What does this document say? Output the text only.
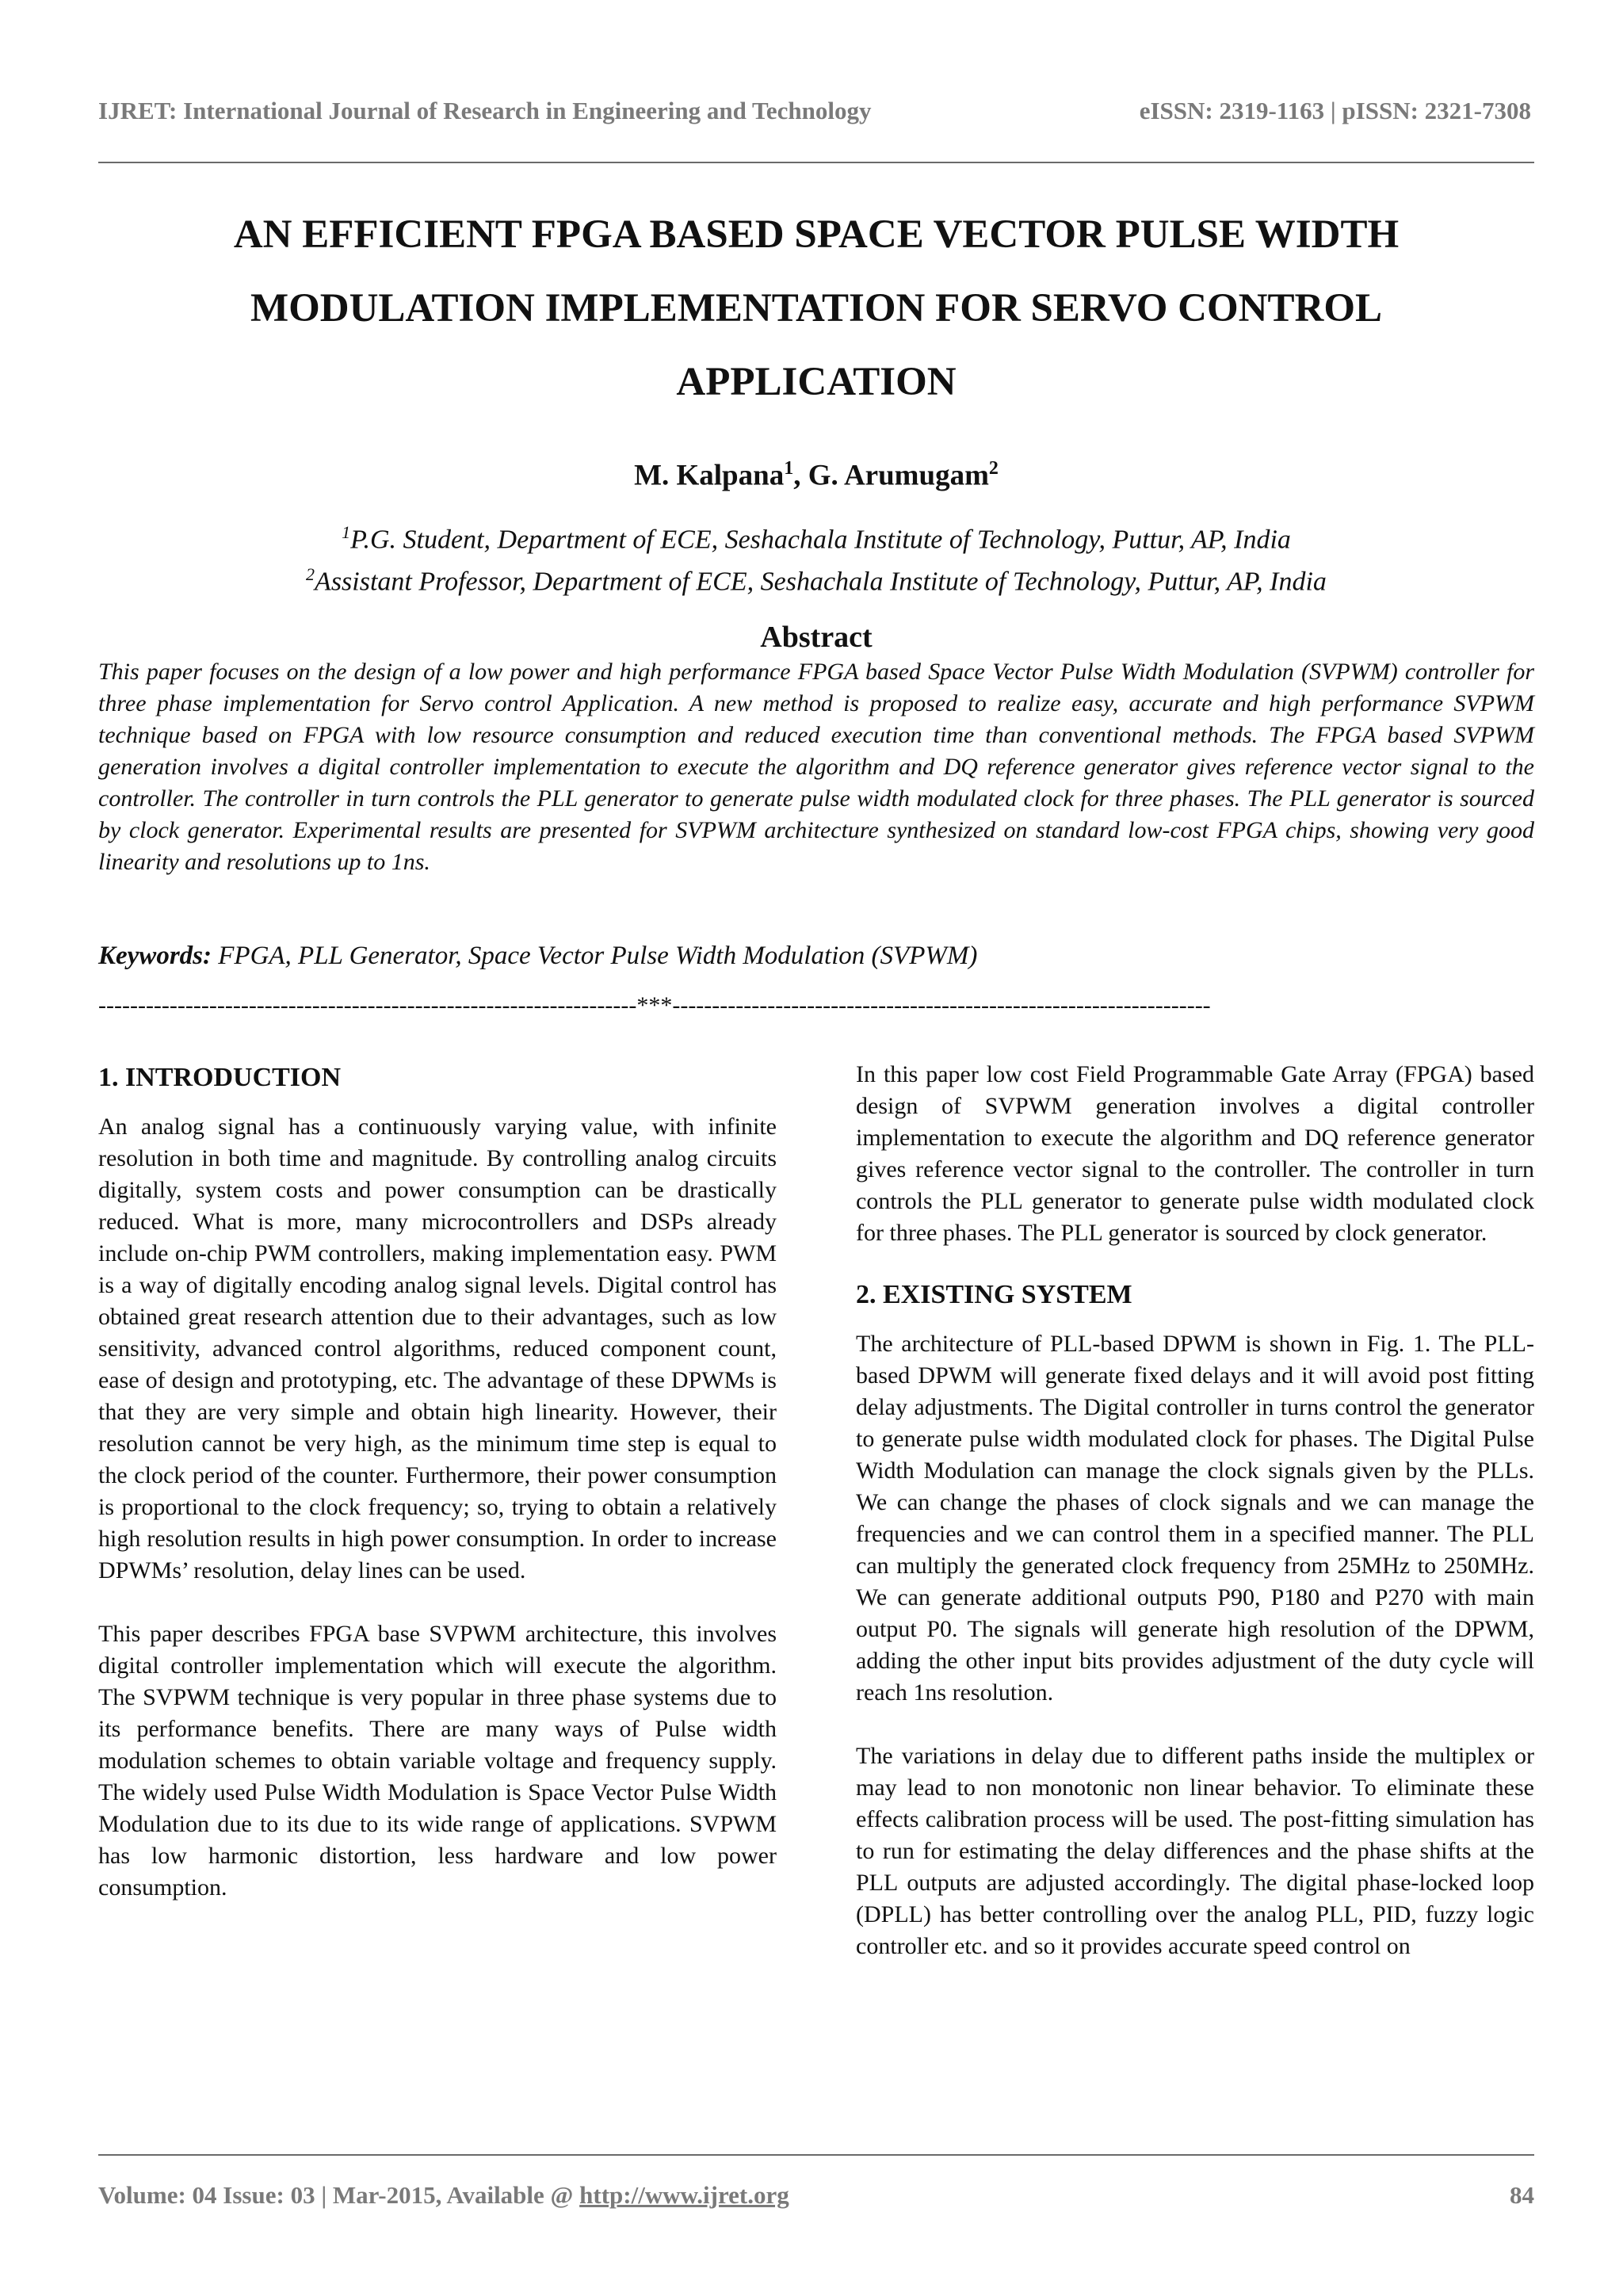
IJRET: International Journal of Research in Engineering and Technology	eISSN: 2319-1163 | pISSN: 2321-7308
AN EFFICIENT FPGA BASED SPACE VECTOR PULSE WIDTH
MODULATION IMPLEMENTATION FOR SERVO CONTROL
APPLICATION
M. Kalpana$^1$, G. Arumugam$^2$
$^1$P.G. Student, Department of ECE, Seshachala Institute of Technology, Puttur, AP, India
$^2$Assistant Professor, Department of ECE, Seshachala Institute of Technology, Puttur, AP, India
Abstract
This paper focuses on the design of a low power and high performance FPGA based Space Vector Pulse Width Modulation (SVPWM) controller for three phase implementation for Servo control Application. A new method is proposed to realize easy, accurate and high performance SVPWM technique based on FPGA with low resource consumption and reduced execution time than conventional methods. The FPGA based SVPWM generation involves a digital controller implementation to execute the algorithm and DQ reference generator gives reference vector signal to the controller. The controller in turn controls the PLL generator to generate pulse width modulated clock for three phases. The PLL generator is sourced by clock generator. Experimental results are presented for SVPWM architecture synthesized on standard low-cost FPGA chips, showing very good linearity and resolutions up to 1ns.
Keywords: FPGA, PLL Generator, Space Vector Pulse Width Modulation (SVPWM)
--------------------------------------------------------------------***--------------------------------------------------------------------
1. INTRODUCTION

An analog signal has a continuously varying value, with infinite resolution in both time and magnitude. By controlling analog circuits digitally, system costs and power consumption can be drastically reduced. What is more, many microcontrollers and DSPs already include on-chip PWM controllers, making implementation easy. PWM is a way of digitally encoding analog signal levels. Digital control has obtained great research attention due to their advantages, such as low sensitivity, advanced control algorithms, reduced component count, ease of design and prototyping, etc. The advantage of these DPWMs is that they are very simple and obtain high linearity. However, their resolution cannot be very high, as the minimum time step is equal to the clock period of the counter. Furthermore, their power consumption is proportional to the clock frequency; so, trying to obtain a relatively high resolution results in high power consumption. In order to increase DPWMs’ resolution, delay lines can be used.

This paper describes FPGA base SVPWM architecture, this involves digital controller implementation which will execute the algorithm. The SVPWM technique is very popular in three phase systems due to its performance benefits. There are many ways of Pulse width modulation schemes to obtain variable voltage and frequency supply. The widely used Pulse Width Modulation is Space Vector Pulse Width Modulation due to its due to its wide range of applications. SVPWM has low harmonic distortion, less hardware and low power consumption.

In this paper low cost Field Programmable Gate Array (FPGA) based design of SVPWM generation involves a digital controller implementation to execute the algorithm and DQ reference generator gives reference vector signal to the controller. The controller in turn controls the PLL generator to generate pulse width modulated clock for three phases. The PLL generator is sourced by clock generator.

2. EXISTING SYSTEM

The architecture of PLL-based DPWM is shown in Fig. 1. The PLL-based DPWM will generate fixed delays and it will avoid post fitting delay adjustments. The Digital controller in turns control the generator to generate pulse width modulated clock for phases. The Digital Pulse Width Modulation can manage the clock signals given by the PLLs. We can change the phases of clock signals and we can manage the frequencies and we can control them in a specified manner. The PLL can multiply the generated clock frequency from 25MHz to 250MHz. We can generate additional outputs P90, P180 and P270 with main output P0. The signals will generate high resolution of the DPWM, adding the other input bits provides adjustment of the duty cycle will reach 1ns resolution.

The variations in delay due to different paths inside the multiplex or may lead to non monotonic non linear behavior. To eliminate these effects calibration process will be used. The post-fitting simulation has to run for estimating the delay differences and the phase shifts at the PLL outputs are adjusted accordingly. The digital phase-locked loop (DPLL) has better controlling over the analog PLL, PID, fuzzy logic controller etc. and so it provides accurate speed control on

Volume: 04 Issue: 03 | Mar-2015, Available @ http://www.ijret.org	84
